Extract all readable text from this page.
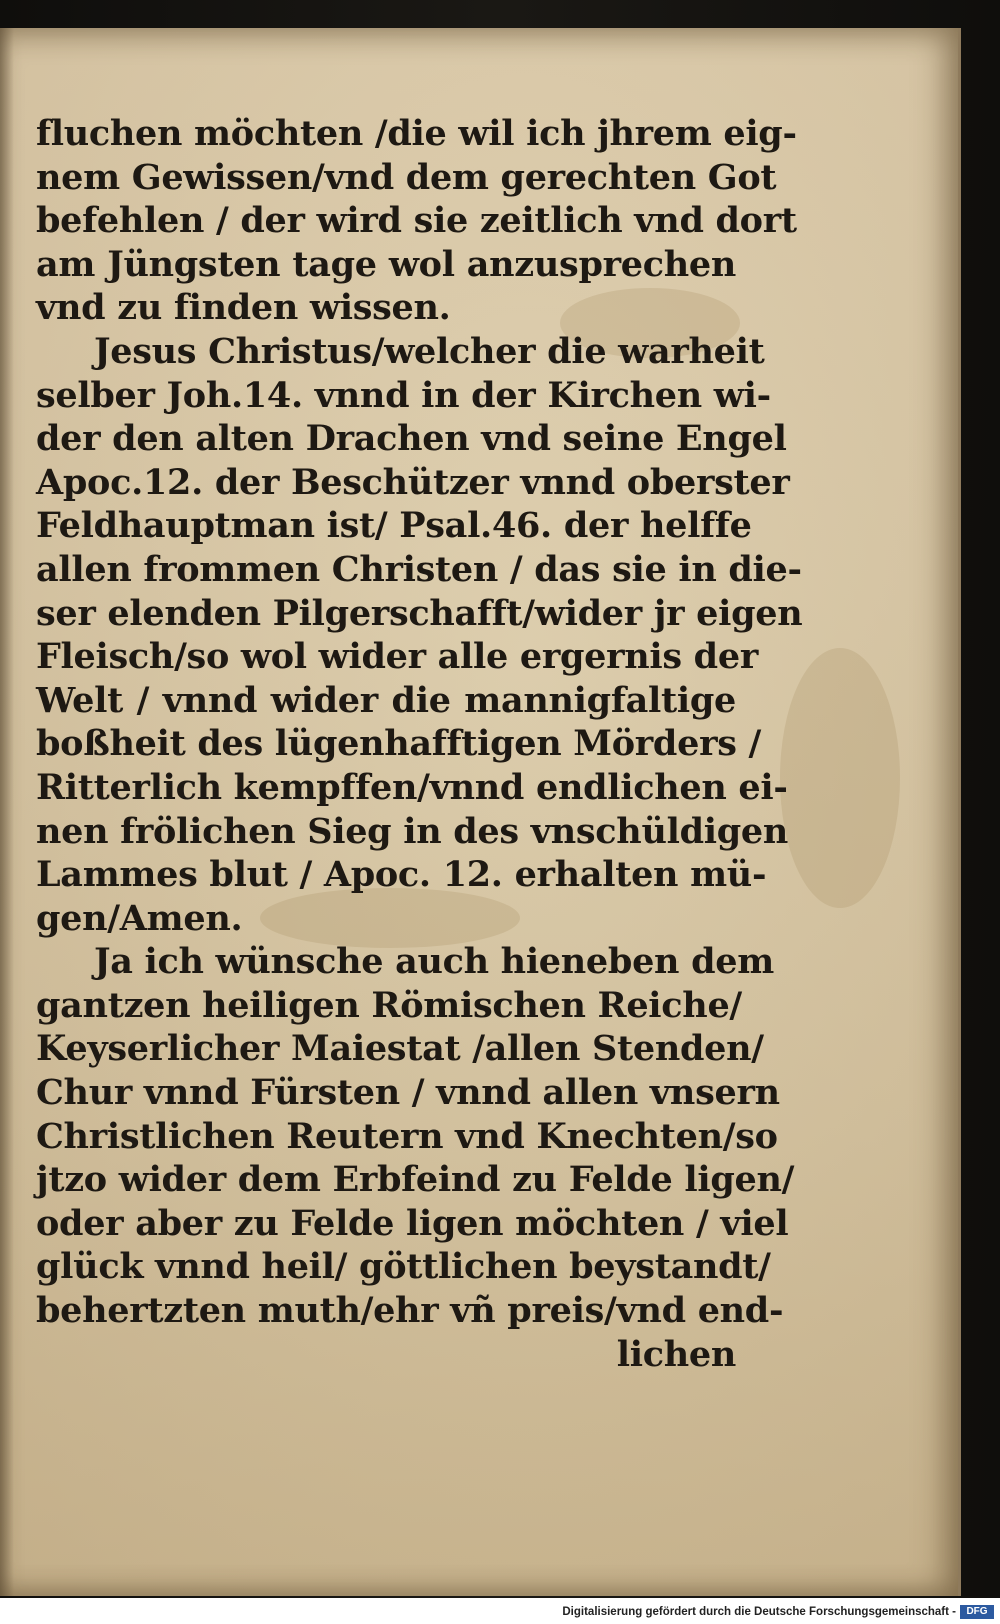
fluchen möchten /die wil ich jhrem eig-
nem Gewissen/vnd dem gerechten Got
befehlen / der wird sie zeitlich vnd dort
am Jüngsten tage wol anzusprechen
vnd zu finden wissen.
Jesus Christus/welcher die warheit
selber Joh.14. vnnd in der Kirchen wi-
der den alten Drachen vnd seine Engel
Apoc.12. der Beschützer vnnd oberster
Feldhauptman ist/ Psal.46. der helffe
allen frommen Christen / das sie in die-
ser elenden Pilgerschafft/wider jr eigen
Fleisch/so wol wider alle ergernis der
Welt / vnnd wider die mannigfaltige
boßheit des lügenhafftigen Mörders /
Ritterlich kempffen/vnnd endlichen ei-
nen frölichen Sieg in des vnschüldigen
Lammes blut / Apoc. 12. erhalten mü-
gen/Amen.
Ja ich wünsche auch hieneben dem
gantzen heiligen Römischen Reiche/
Keyserlicher Maiestat /allen Stenden/
Chur vnnd Fürsten / vnnd allen vnsern
Christlichen Reutern vnd Knechten/so
jtzo wider dem Erbfeind zu Felde ligen/
oder aber zu Felde ligen möchten / viel
glück vnnd heil/ göttlichen beystandt/
behertzten muth/ehr vñ preis/vnd end-
lichen
Digitalisierung gefördert durch die Deutsche Forschungsgemeinschaft -	DFG
